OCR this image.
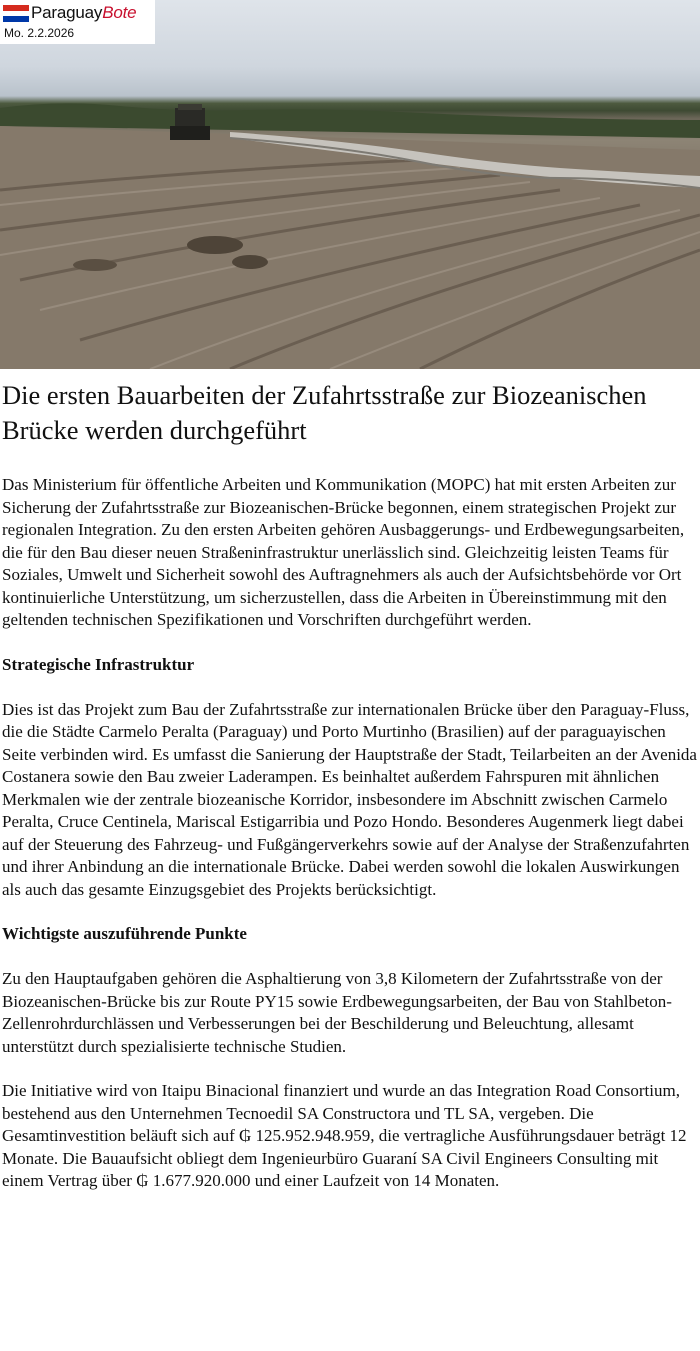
ParaguayBote
Mo. 2.2.2026
Die ersten Bauarbeiten der Zufahrtsstraße zur Biozeanischen Brücke werden durchgeführt

Das Ministerium für öffentliche Arbeiten und Kommunikation (MOPC) hat mit ersten Arbeiten zur Sicherung der Zufahrtsstraße zur Biozeanischen-Brücke begonnen, einem strategischen Projekt zur regionalen Integration. Zu den ersten Arbeiten gehören Ausbaggerungs- und Erdbewegungsarbeiten, die für den Bau dieser neuen Straßeninfrastruktur unerlässlich sind. Gleichzeitig leisten Teams für Soziales, Umwelt und Sicherheit sowohl des Auftragnehmers als auch der Aufsichtsbehörde vor Ort kontinuierliche Unterstützung, um sicherzustellen, dass die Arbeiten in Übereinstimmung mit den geltenden technischen Spezifikationen und Vorschriften durchgeführt werden.

Strategische Infrastruktur

Dies ist das Projekt zum Bau der Zufahrtsstraße zur internationalen Brücke über den Paraguay-Fluss, die die Städte Carmelo Peralta (Paraguay) und Porto Murtinho (Brasilien) auf der paraguayischen Seite verbinden wird. Es umfasst die Sanierung der Hauptstraße der Stadt, Teilarbeiten an der Avenida Costanera sowie den Bau zweier Laderampen. Es beinhaltet außerdem Fahrspuren mit ähnlichen Merkmalen wie der zentrale biozeanische Korridor, insbesondere im Abschnitt zwischen Carmelo Peralta, Cruce Centinela, Mariscal Estigarribia und Pozo Hondo. Besonderes Augenmerk liegt dabei auf der Steuerung des Fahrzeug- und Fußgängerverkehrs sowie auf der Analyse der Straßenzufahrten und ihrer Anbindung an die internationale Brücke. Dabei werden sowohl die lokalen Auswirkungen als auch das gesamte Einzugsgebiet des Projekts berücksichtigt.

Wichtigste auszuführende Punkte

Zu den Hauptaufgaben gehören die Asphaltierung von 3,8 Kilometern der Zufahrtsstraße von der Biozeanischen-Brücke bis zur Route PY15 sowie Erdbewegungsarbeiten, der Bau von Stahlbeton-Zellenrohrdurchlässen und Verbesserungen bei der Beschilderung und Beleuchtung, allesamt unterstützt durch spezialisierte technische Studien.

Die Initiative wird von Itaipu Binacional finanziert und wurde an das Integration Road Consortium, bestehend aus den Unternehmen Tecnoedil SA Constructora und TL SA, vergeben. Die Gesamtinvestition beläuft sich auf ₲ 125.952.948.959, die vertragliche Ausführungsdauer beträgt 12 Monate. Die Bauaufsicht obliegt dem Ingenieurbüro Guaraní SA Civil Engineers Consulting mit einem Vertrag über ₲ 1.677.920.000 und einer Laufzeit von 14 Monaten.
